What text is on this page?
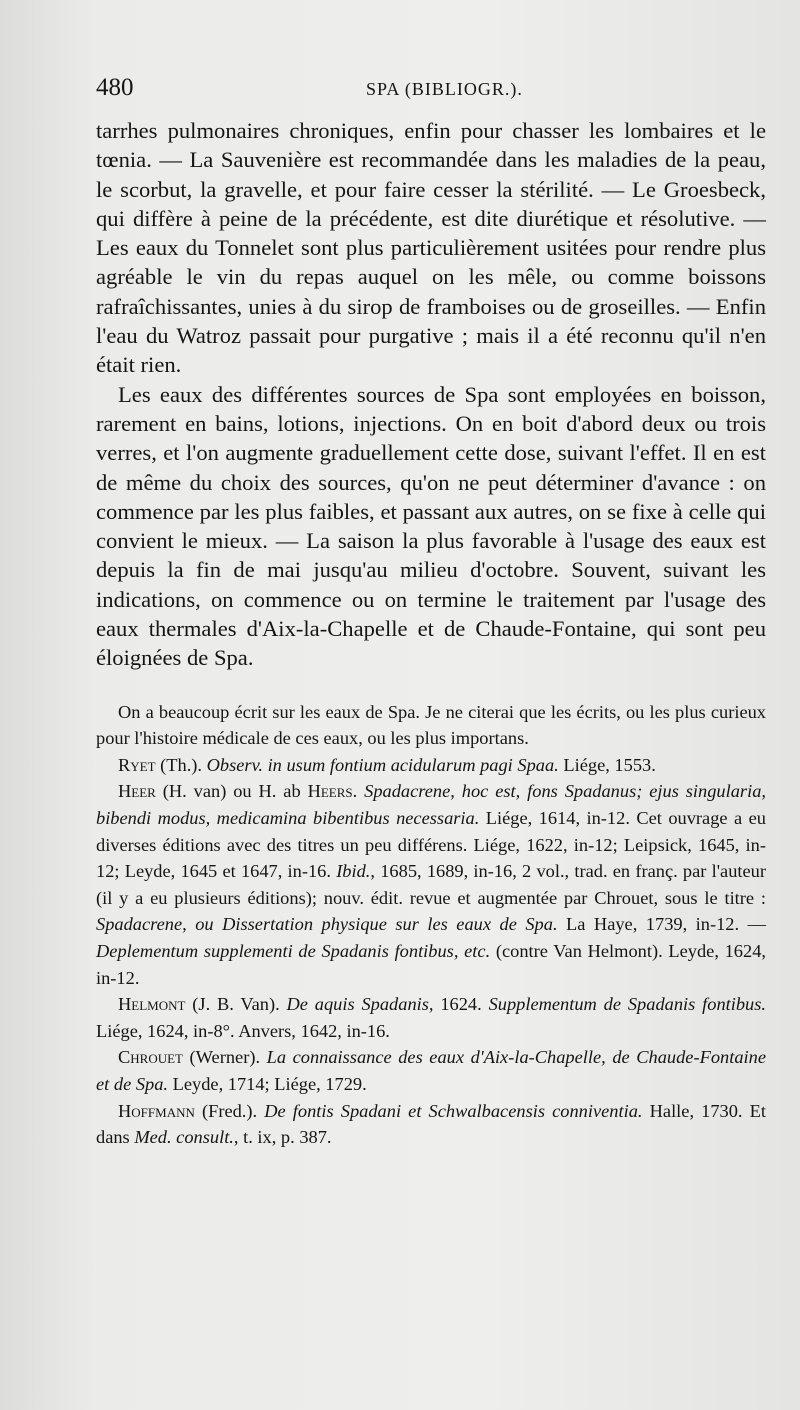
480	SPA (BIBLIOGR.).

tarrhes pulmonaires chroniques, enfin pour chasser les lombaires et le tœnia. — La Sauvenière est recommandée dans les maladies de la peau, le scorbut, la gravelle, et pour faire cesser la stérilité. — Le Groesbeck, qui diffère à peine de la précédente, est dite diurétique et résolutive. — Les eaux du Tonnelet sont plus particulièrement usitées pour rendre plus agréable le vin du repas auquel on les mêle, ou comme boissons rafraîchissantes, unies à du sirop de framboises ou de groseilles. — Enfin l'eau du Watroz passait pour purgative ; mais il a été reconnu qu'il n'en était rien.

Les eaux des différentes sources de Spa sont employées en boisson, rarement en bains, lotions, injections. On en boit d'abord deux ou trois verres, et l'on augmente graduellement cette dose, suivant l'effet. Il en est de même du choix des sources, qu'on ne peut déterminer d'avance : on commence par les plus faibles, et passant aux autres, on se fixe à celle qui convient le mieux. — La saison la plus favorable à l'usage des eaux est depuis la fin de mai jusqu'au milieu d'octobre. Souvent, suivant les indications, on commence ou on termine le traitement par l'usage des eaux thermales d'Aix-la-Chapelle et de Chaude-Fontaine, qui sont peu éloignées de Spa.

On a beaucoup écrit sur les eaux de Spa. Je ne citerai que les écrits, ou les plus curieux pour l'histoire médicale de ces eaux, ou les plus importans.

Ryet (Th.). Observ. in usum fontium acidularum pagi Spaa. Liége, 1553.

Heer (H. van) ou H. ab Heers. Spadacrene, hoc est, fons Spadanus; ejus singularia, bibendi modus, medicamina bibentibus necessaria. Liége, 1614, in-12. Cet ouvrage a eu diverses éditions avec des titres un peu différens. Liége, 1622, in-12; Leipsick, 1645, in-12; Leyde, 1645 et 1647, in-16. Ibid., 1685, 1689, in-16, 2 vol., trad. en franç. par l'auteur (il y a eu plusieurs éditions); nouv. édit. revue et augmentée par Chrouet, sous le titre : Spadacrene, ou Dissertation physique sur les eaux de Spa. La Haye, 1739, in-12. — Deplementum supplementi de Spadanis fontibus, etc. (contre Van Helmont). Leyde, 1624, in-12.

Helmont (J. B. Van). De aquis Spadanis, 1624. Supplementum de Spadanis fontibus. Liége, 1624, in-8°. Anvers, 1642, in-16.

Chrouet (Werner). La connaissance des eaux d'Aix-la-Chapelle, de Chaude-Fontaine et de Spa. Leyde, 1714; Liége, 1729.

Hoffmann (Fred.). De fontis Spadani et Schwalbacensis conniventia. Halle, 1730. Et dans Med. consult., t. ix, p. 387.
